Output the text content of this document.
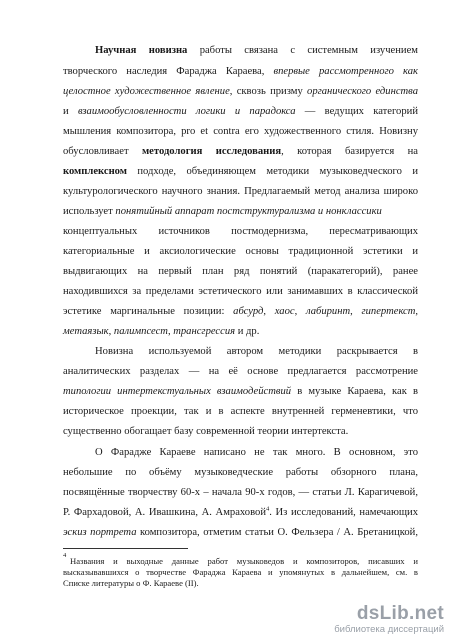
Научная новизна работы связана с системным изучением
творческого наследия Фараджа Караева, впервые рассмотренного как
целостное художественное явление, сквозь призму органического единства
и взаимообусловленности логики и парадокса — ведущих категорий
мышления композитора, pro et contra его художественного стиля. Новизну
обусловливает методология исследования, которая базируется на
комплексном подходе, объединяющем методики музыковедческого и
культурологического научного знания. Предлагаемый метод анализа широко
использует понятийный аппарат постструктурализма и нонклассики
концептуальных источников постмодернизма, пересматривающих
категориальные и аксиологические основы традиционной эстетики и
выдвигающих на первый план ряд понятий (паракатегорий), ранее
находившихся за пределами эстетического или занимавших в классической
эстетике маргинальные позиции: абсурд, хаос, лабиринт, гипертекст,
метаязык, палимпсест, трансгрессия и др.
Новизна используемой автором методики раскрывается в
аналитических разделах — на её основе предлагается рассмотрение
типологии интертекстуальных взаимодействий в музыке Караева, как в
историческое проекции, так и в аспекте внутренней герменевтики, что
существенно обогащает базу современной теории интертекста.
О Фарадже Караеве написано не так много. В основном, это
небольшие по объёму музыковедческие работы обзорного плана,
посвящённые творчеству 60-х – начала 90-х годов, — статьи Л. Карагичевой,
Р. Фархадовой, А. Ивашкина, А. Амраховой$^4$. Из исследований, намечающих
эскиз портрета композитора, отметим статьи О. Фельзера / А. Бретаницкой,
4
Названия и выходные данные работ музыковедов и композиторов, писавших и
высказывавшихся о творчестве Фараджа Караева и упомянутых в дальнейшем, см. в
Списке литературы о Ф. Караеве (II).
dsLib.net
библиотека диссертаций
